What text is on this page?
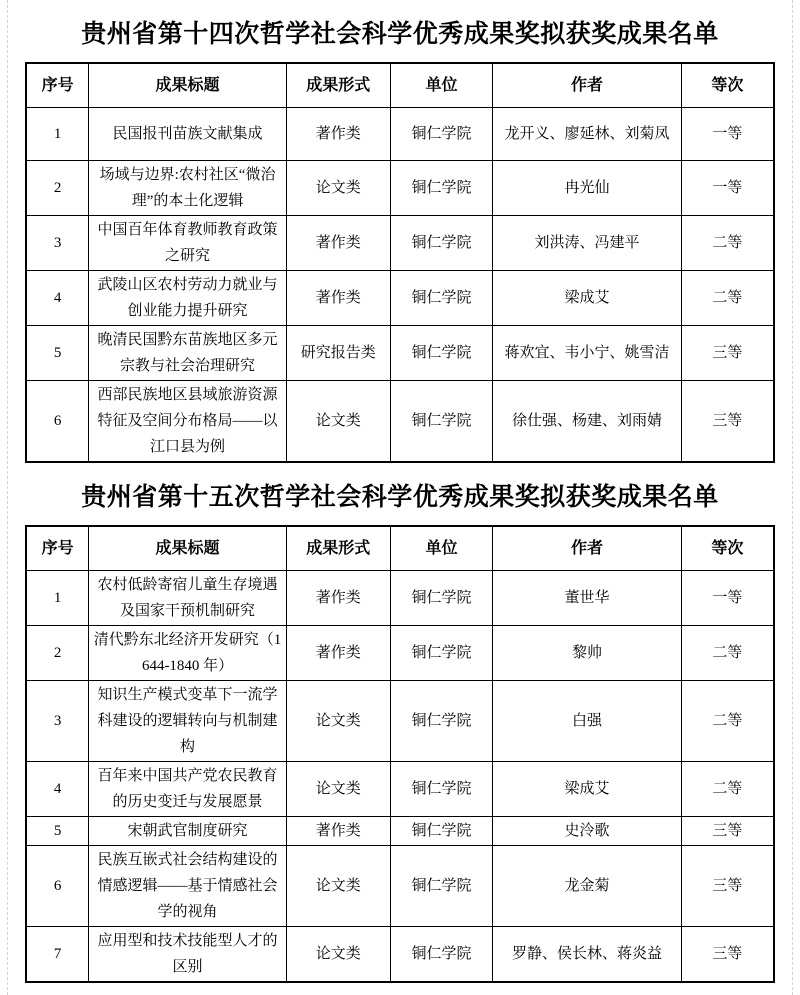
贵州省第十四次哲学社会科学优秀成果奖拟获奖成果名单
序号	成果标题	成果形式	单位	作者	等次
1	民国报刊苗族文献集成	著作类	铜仁学院	龙开义、廖延林、刘菊凤	一等
2	场域与边界:农村社区“微治理”的本土化逻辑	论文类	铜仁学院	冉光仙	一等
3	中国百年体育教师教育政策之研究	著作类	铜仁学院	刘洪涛、冯建平	二等
4	武陵山区农村劳动力就业与创业能力提升研究	著作类	铜仁学院	梁成艾	二等
5	晚清民国黔东苗族地区多元宗教与社会治理研究	研究报告类	铜仁学院	蒋欢宜、韦小宁、姚雪洁	三等
6	西部民族地区县域旅游资源特征及空间分布格局——以江口县为例	论文类	铜仁学院	徐仕强、杨建、刘雨婧	三等
贵州省第十五次哲学社会科学优秀成果奖拟获奖成果名单
序号	成果标题	成果形式	单位	作者	等次
1	农村低龄寄宿儿童生存境遇及国家干预机制研究	著作类	铜仁学院	董世华	一等
2	清代黔东北经济开发研究（1644-1840 年）	著作类	铜仁学院	黎帅	二等
3	知识生产模式变革下一流学科建设的逻辑转向与机制建构	论文类	铜仁学院	白强	二等
4	百年来中国共产党农民教育的历史变迁与发展愿景	论文类	铜仁学院	梁成艾	二等
5	宋朝武官制度研究	著作类	铜仁学院	史泠歌	三等
6	民族互嵌式社会结构建设的情感逻辑——基于情感社会学的视角	论文类	铜仁学院	龙金菊	三等
7	应用型和技术技能型人才的区别	论文类	铜仁学院	罗静、侯长林、蒋炎益	三等
